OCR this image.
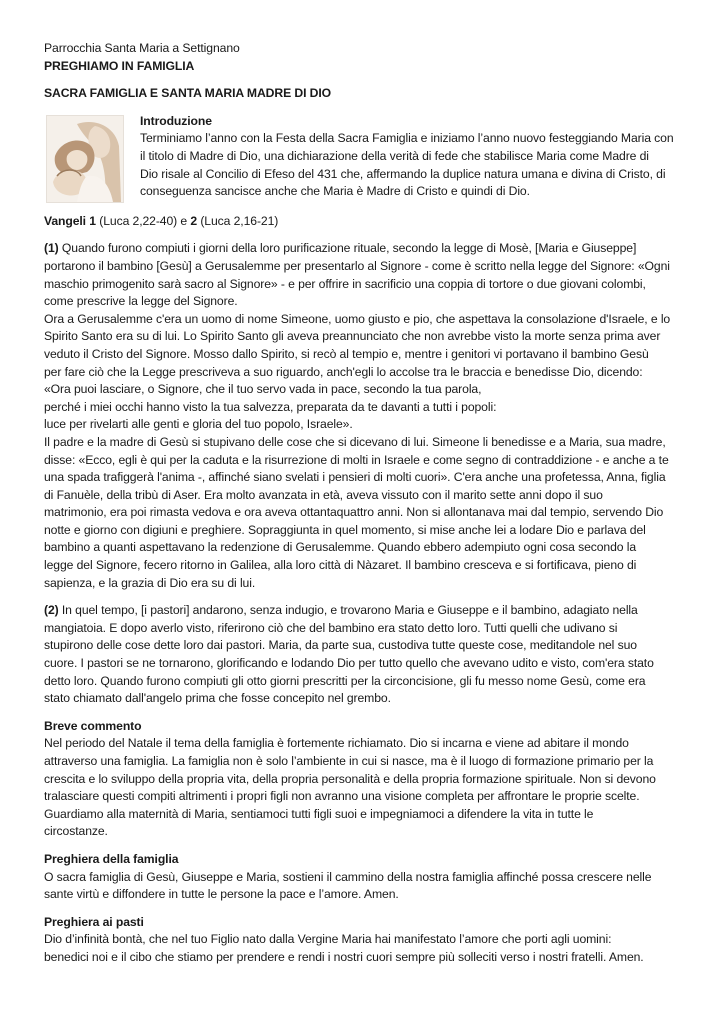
Parrocchia Santa Maria a Settignano
PREGHIAMO IN FAMIGLIA
SACRA FAMIGLIA E SANTA MARIA MADRE DI DIO
Introduzione
Terminiamo l’anno con la Festa della Sacra Famiglia e iniziamo l’anno nuovo festeggiando Maria con
il titolo di Madre di Dio, una dichiarazione della verità di fede che stabilisce Maria come Madre di
Dio risale al Concilio di Efeso del 431 che, affermando la duplice natura umana e divina di Cristo, di
conseguenza sancisce anche che Maria è Madre di Cristo e quindi di Dio.
Vangeli 1 (Luca 2,22-40) e 2 (Luca 2,16-21)
(1) Quando furono compiuti i giorni della loro purificazione rituale, secondo la legge di Mosè, [Maria e Giuseppe]
portarono il bambino [Gesù] a Gerusalemme per presentarlo al Signore - come è scritto nella legge del Signore: «Ogni
maschio primogenito sarà sacro al Signore» - e per offrire in sacrificio una coppia di tortore o due giovani colombi,
come prescrive la legge del Signore.
Ora a Gerusalemme c'era un uomo di nome Simeone, uomo giusto e pio, che aspettava la consolazione d'Israele, e lo
Spirito Santo era su di lui. Lo Spirito Santo gli aveva preannunciato che non avrebbe visto la morte senza prima aver
veduto il Cristo del Signore. Mosso dallo Spirito, si recò al tempio e, mentre i genitori vi portavano il bambino Gesù
per fare ciò che la Legge prescriveva a suo riguardo, anch'egli lo accolse tra le braccia e benedisse Dio, dicendo:
«Ora puoi lasciare, o Signore, che il tuo servo vada in pace, secondo la tua parola,
perché i miei occhi hanno visto la tua salvezza, preparata da te davanti a tutti i popoli:
luce per rivelarti alle genti e gloria del tuo popolo, Israele».
Il padre e la madre di Gesù si stupivano delle cose che si dicevano di lui. Simeone li benedisse e a Maria, sua madre,
disse: «Ecco, egli è qui per la caduta e la risurrezione di molti in Israele e come segno di contraddizione - e anche a te
una spada trafiggerà l'anima -, affinché siano svelati i pensieri di molti cuori». C'era anche una profetessa, Anna, figlia
di Fanuèle, della tribù di Aser. Era molto avanzata in età, aveva vissuto con il marito sette anni dopo il suo
matrimonio, era poi rimasta vedova e ora aveva ottantaquattro anni. Non si allontanava mai dal tempio, servendo Dio
notte e giorno con digiuni e preghiere. Sopraggiunta in quel momento, si mise anche lei a lodare Dio e parlava del
bambino a quanti aspettavano la redenzione di Gerusalemme. Quando ebbero adempiuto ogni cosa secondo la
legge del Signore, fecero ritorno in Galilea, alla loro città di Nàzaret. Il bambino cresceva e si fortificava, pieno di
sapienza, e la grazia di Dio era su di lui.
(2) In quel tempo, [i pastori] andarono, senza indugio, e trovarono Maria e Giuseppe e il bambino, adagiato nella
mangiatoia. E dopo averlo visto, riferirono ciò che del bambino era stato detto loro. Tutti quelli che udivano si
stupirono delle cose dette loro dai pastori. Maria, da parte sua, custodiva tutte queste cose, meditandole nel suo
cuore. I pastori se ne tornarono, glorificando e lodando Dio per tutto quello che avevano udito e visto, com'era stato
detto loro. Quando furono compiuti gli otto giorni prescritti per la circoncisione, gli fu messo nome Gesù, come era
stato chiamato dall'angelo prima che fosse concepito nel grembo.
Breve commento
Nel periodo del Natale il tema della famiglia è fortemente richiamato. Dio si incarna e viene ad abitare il mondo
attraverso una famiglia. La famiglia non è solo l’ambiente in cui si nasce, ma è il luogo di formazione primario per la
crescita e lo sviluppo della propria vita, della propria personalità e della propria formazione spirituale. Non si devono
tralasciare questi compiti altrimenti i propri figli non avranno una visione completa per affrontare le proprie scelte.
Guardiamo alla maternità di Maria, sentiamoci tutti figli suoi e impegniamoci a difendere la vita in tutte le
circostanze.
Preghiera della famiglia
O sacra famiglia di Gesù, Giuseppe e Maria, sostieni il cammino della nostra famiglia affinché possa crescere nelle
sante virtù e diffondere in tutte le persone la pace e l’amore. Amen.
Preghiera ai pasti
Dio d’infinità bontà, che nel tuo Figlio nato dalla Vergine Maria hai manifestato l’amore che porti agli uomini:
benedici noi e il cibo che stiamo per prendere e rendi i nostri cuori sempre più solleciti verso i nostri fratelli. Amen.
